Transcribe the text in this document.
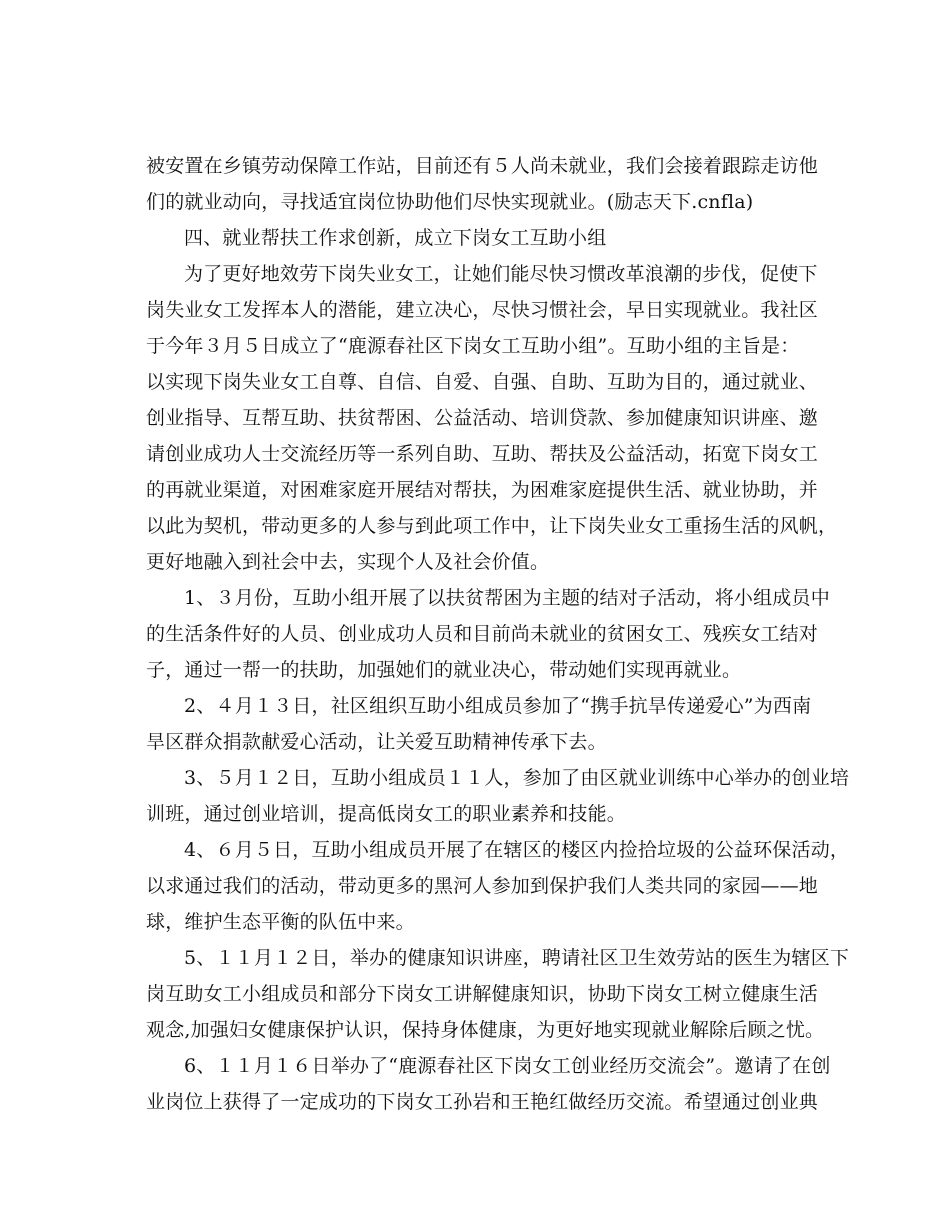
被安置在乡镇劳动保障工作站，目前还有５人尚未就业，我们会接着跟踪走访他
们的就业动向，寻找适宜岗位协助他们尽快实现就业。(励志天下.cnfla)
四、就业帮扶工作求创新，成立下岗女工互助小组
为了更好地效劳下岗失业女工，让她们能尽快习惯改革浪潮的步伐，促使下
岗失业女工发挥本人的潜能，建立决心，尽快习惯社会，早日实现就业。我社区
于今年３月５日成立了“鹿源春社区下岗女工互助小组”。互助小组的主旨是：
以实现下岗失业女工自尊、自信、自爱、自强、自助、互助为目的，通过就业、
创业指导、互帮互助、扶贫帮困、公益活动、培训贷款、参加健康知识讲座、邀
请创业成功人士交流经历等一系列自助、互助、帮扶及公益活动，拓宽下岗女工
的再就业渠道，对困难家庭开展结对帮扶，为困难家庭提供生活、就业协助，并
以此为契机，带动更多的人参与到此项工作中，让下岗失业女工重扬生活的风帆，
更好地融入到社会中去，实现个人及社会价值。
1、３月份，互助小组开展了以扶贫帮困为主题的结对子活动，将小组成员中
的生活条件好的人员、创业成功人员和目前尚未就业的贫困女工、残疾女工结对
子，通过一帮一的扶助，加强她们的就业决心，带动她们实现再就业。
2、４月１３日，社区组织互助小组成员参加了“携手抗旱传递爱心”为西南
旱区群众捐款献爱心活动，让关爱互助精神传承下去。
3、５月１２日，互助小组成员１１人，参加了由区就业训练中心举办的创业培
训班，通过创业培训，提高低岗女工的职业素养和技能。
4、６月５日，互助小组成员开展了在辖区的楼区内捡拾垃圾的公益环保活动，
以求通过我们的活动，带动更多的黑河人参加到保护我们人类共同的家园——地
球，维护生态平衡的队伍中来。
5、１１月１２日，举办的健康知识讲座，聘请社区卫生效劳站的医生为辖区下
岗互助女工小组成员和部分下岗女工讲解健康知识，协助下岗女工树立健康生活
观念,加强妇女健康保护认识，保持身体健康，为更好地实现就业解除后顾之忧。
6、１１月１６日举办了“鹿源春社区下岗女工创业经历交流会”。邀请了在创
业岗位上获得了一定成功的下岗女工孙岩和王艳红做经历交流。希望通过创业典
